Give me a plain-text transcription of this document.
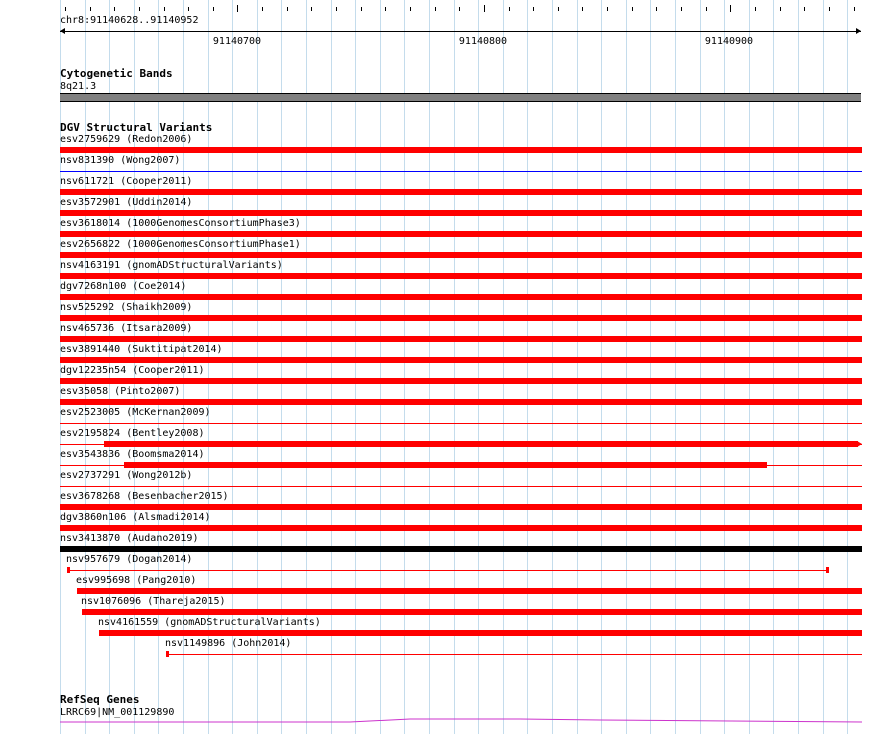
chr8:91140628..91140952
91140700	91140800	91140900
Cytogenetic Bands
8q21.3
DGV Structural Variants
esv2759629 (Redon2006)
nsv831390 (Wong2007)
nsv611721 (Cooper2011)
esv3572901 (Uddin2014)
esv3618014 (1000GenomesConsortiumPhase3)
esv2656822 (1000GenomesConsortiumPhase1)
nsv4163191 (gnomADStructuralVariants)
dgv7268n100 (Coe2014)
nsv525292 (Shaikh2009)
nsv465736 (Itsara2009)
esv3891440 (Suktitipat2014)
dgv12235n54 (Cooper2011)
esv35058 (Pinto2007)
esv2523005 (McKernan2009)
esv2195824 (Bentley2008)
esv3543836 (Boomsma2014)
esv2737291 (Wong2012b)
esv3678268 (Besenbacher2015)
dgv3860n106 (Alsmadi2014)
nsv3413870 (Audano2019)
nsv957679 (Dogan2014)
esv995698 (Pang2010)
nsv1076096 (Thareja2015)
nsv4161559 (gnomADStructuralVariants)
nsv1149896 (John2014)
RefSeq Genes
LRRC69|NM_001129890
